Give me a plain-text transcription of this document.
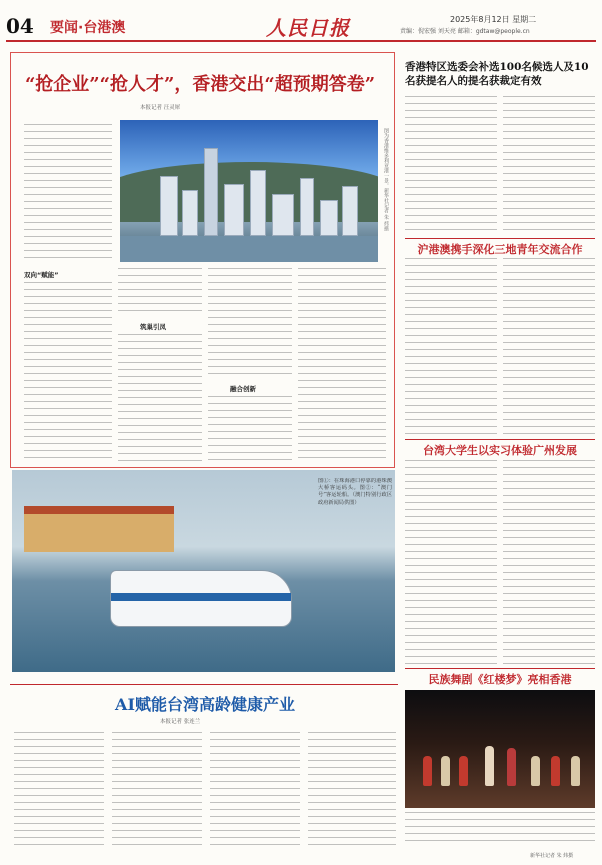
04 要闻·台港澳	人民日报	2025年8月12日 星期二
责编：倪宏强 刘天亮 邮箱：gdtaw@people.cn
“抢企业”“抢人才”，香港交出“超预期答卷”
本报记者 汪灵犀
图为香港维多利亚港一景。新华社记者 朱 炜摄
双向“赋能”
筑巢引凤
融合创新
图①：在珠海港口停靠的港珠澳大桥客运码头。图②：“澳门号”客运轮船。（澳门特别行政区政府新闻局供图）
香港特区选委会补选100名候选人及10名获提名人的提名获裁定有效
沪港澳携手深化三地青年交流合作
台湾大学生以实习体验广州发展
民族舞剧《红楼梦》亮相香港
AI赋能台湾高龄健康产业
本报记者 张连兰
新华社记者 朱 炜摄
